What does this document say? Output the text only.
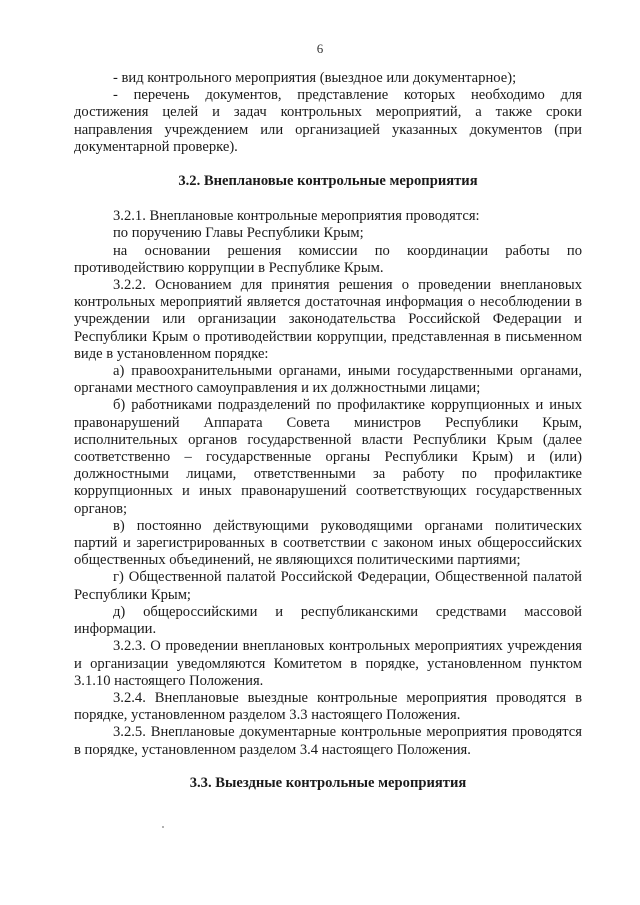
6

- вид контрольного мероприятия (выездное или документарное);

- перечень документов, представление которых необходимо для достижения целей и задач контрольных мероприятий, а также сроки направления учреждением или организацией указанных документов (при документарной проверке).

3.2. Внеплановые контрольные мероприятия

3.2.1. Внеплановые контрольные мероприятия проводятся:

по поручению Главы Республики Крым;

на основании решения комиссии по координации работы по противодействию коррупции в Республике Крым.

3.2.2. Основанием для принятия решения о проведении внеплановых контрольных мероприятий является достаточная информация о несоблюдении в учреждении или организации законодательства Российской Федерации и Республики Крым о противодействии коррупции, представленная в письменном виде в установленном порядке:

а) правоохранительными органами, иными государственными органами, органами местного самоуправления и их должностными лицами;

б) работниками подразделений по профилактике коррупционных и иных правонарушений Аппарата Совета министров Республики Крым, исполнительных органов государственной власти Республики Крым (далее соответственно – государственные органы Республики Крым) и (или) должностными лицами, ответственными за работу по профилактике коррупционных и иных правонарушений соответствующих государственных органов;

в) постоянно действующими руководящими органами политических партий и зарегистрированных в соответствии с законом иных общероссийских общественных объединений, не являющихся политическими партиями;

г) Общественной палатой Российской Федерации, Общественной палатой Республики Крым;

д) общероссийскими и республиканскими средствами массовой информации.

3.2.3. О проведении внеплановых контрольных мероприятиях учреждения и организации уведомляются Комитетом в порядке, установленном пунктом 3.1.10 настоящего Положения.

3.2.4. Внеплановые выездные контрольные мероприятия проводятся в порядке, установленном разделом 3.3 настоящего Положения.

3.2.5. Внеплановые документарные контрольные мероприятия проводятся в порядке, установленном разделом 3.4 настоящего Положения.

3.3. Выездные контрольные мероприятия
